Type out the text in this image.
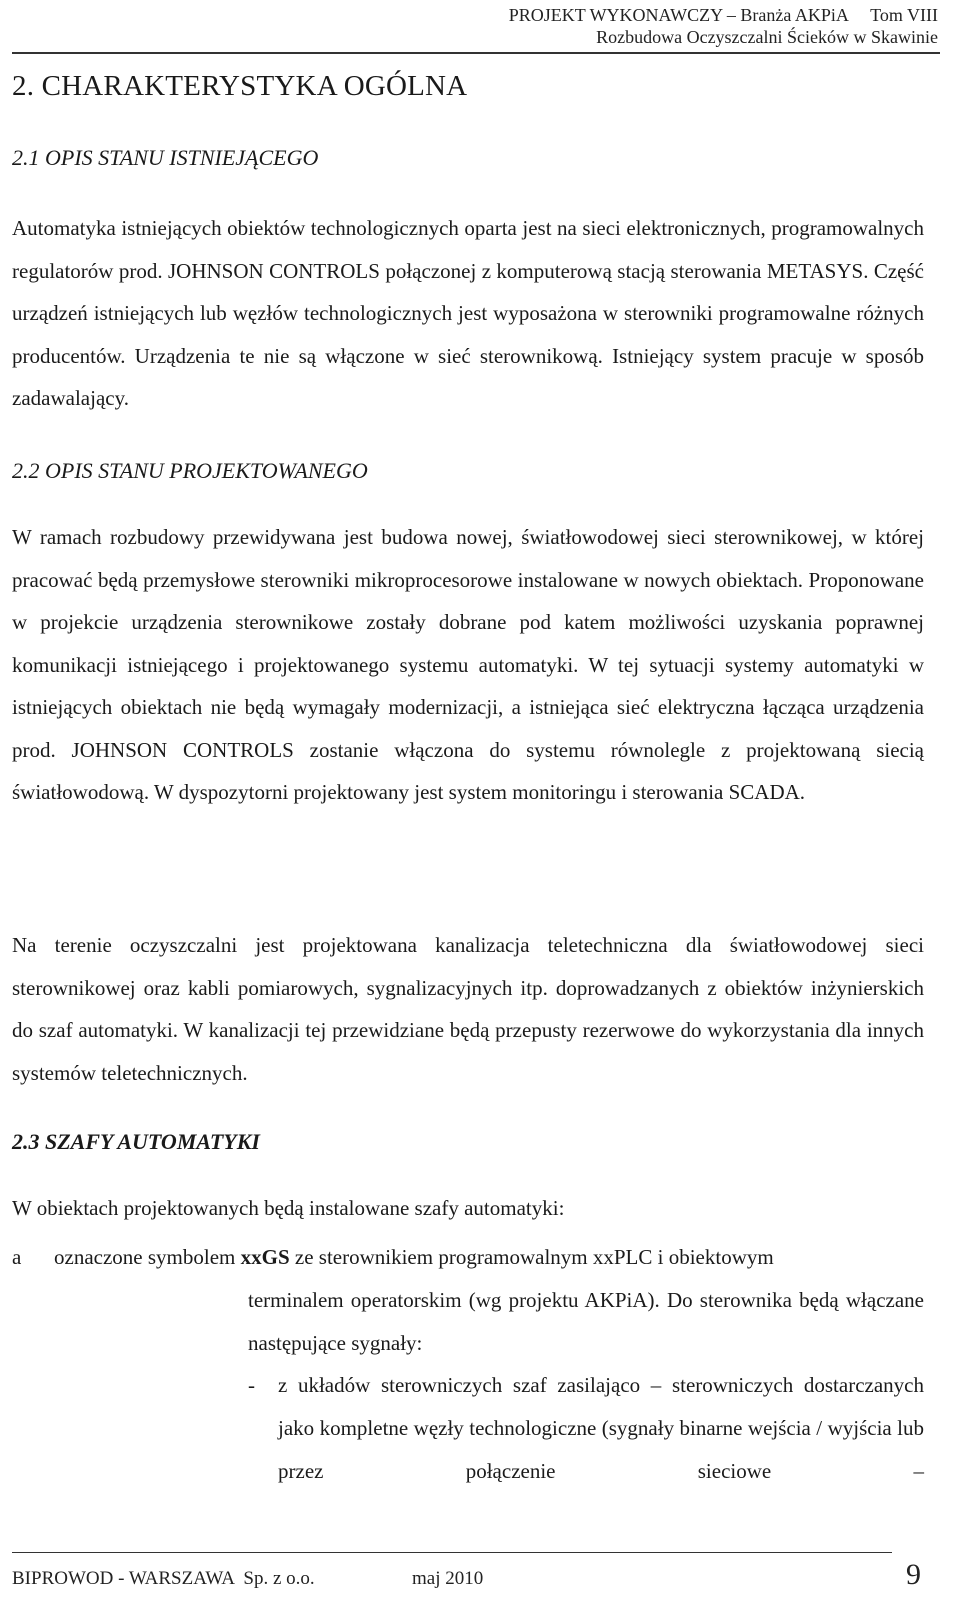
PROJEKT WYKONAWCZY – Branża AKPiA     Tom VIII
Rozbudowa Oczyszczalni Ścieków w Skawinie
2. CHARAKTERYSTYKA OGÓLNA
2.1 OPIS STANU ISTNIEJĄCEGO
Automatyka istniejących obiektów technologicznych oparta jest na sieci elektronicznych, programowalnych regulatorów prod. JOHNSON CONTROLS połączonej z komputerową stacją sterowania METASYS. Część urządzeń istniejących lub węzłów technologicznych jest wyposażona w sterowniki programowalne różnych producentów. Urządzenia te nie są włączone w sieć sterownikową. Istniejący system pracuje w sposób zadawalający.
2.2 OPIS STANU PROJEKTOWANEGO
W ramach rozbudowy przewidywana jest budowa nowej, światłowodowej sieci sterownikowej, w której pracować będą przemysłowe sterowniki mikroprocesorowe instalowane w nowych obiektach. Proponowane w projekcie urządzenia sterownikowe zostały dobrane pod katem możliwości uzyskania poprawnej komunikacji istniejącego i projektowanego systemu automatyki. W tej sytuacji systemy automatyki w istniejących obiektach nie będą wymagały modernizacji, a istniejąca sieć elektryczna łącząca urządzenia prod. JOHNSON CONTROLS zostanie włączona do systemu równolegle z projektowaną siecią światłowodową. W dyspozytorni projektowany jest system monitoringu i sterowania SCADA.
Na terenie oczyszczalni jest projektowana kanalizacja teletechniczna dla światłowodowej sieci sterownikowej oraz kabli pomiarowych, sygnalizacyjnych itp. doprowadzanych z obiektów inżynierskich do szaf automatyki. W kanalizacji tej przewidziane będą przepusty rezerwowe do wykorzystania dla innych systemów teletechnicznych.
2.3 SZAFY AUTOMATYKI
W obiektach projektowanych będą instalowane szafy automatyki:
a oznaczone symbolem xxGS ze sterownikiem programowalnym xxPLC i obiektowym
terminalem operatorskim (wg projektu AKPiA). Do sterownika będą włączane następujące sygnały:
- z układów sterowniczych szaf zasilająco – sterowniczych dostarczanych jako kompletne węzły technologiczne (sygnały binarne wejścia / wyjścia lub przez połączenie sieciowe –
BIPROWOD - WARSZAWA  Sp. z o.o.	maj 2010	9
